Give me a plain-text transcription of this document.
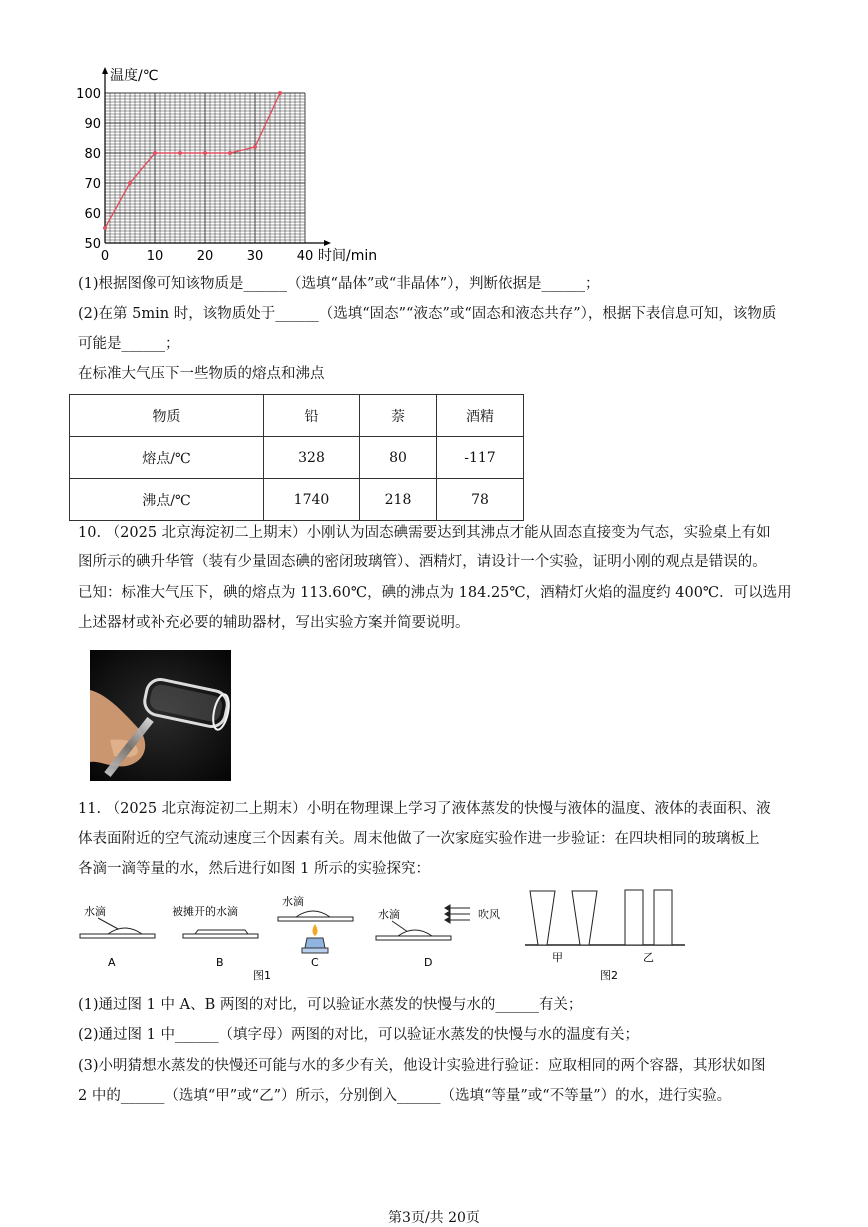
0	10	20	30	40
50
60
70
80
90
100
温度/℃
时间/min
(1)根据图像可知该物质是______（选填“晶体”或“非晶体”），判断依据是______；
(2)在第 5min 时，该物质处于______（选填“固态”“液态”或“固态和液态共存”），根据下表信息可知，该物质
可能是______；
在标准大气压下一些物质的熔点和沸点
物质	铅	萘	酒精
熔点/℃	328	80	-117
沸点/℃	1740	218	78
10. （2025 北京海淀初二上期末）小刚认为固态碘需要达到其沸点才能从固态直接变为气态，实验桌上有如
图所示的碘升华管（装有少量固态碘的密闭玻璃管）、酒精灯，请设计一个实验，证明小刚的观点是错误的。
已知：标准大气压下，碘的熔点为 113.60℃，碘的沸点为 184.25℃，酒精灯火焰的温度约 400℃．可以选用
上述器材或补充必要的辅助器材，写出实验方案并简要说明。
11. （2025 北京海淀初二上期末）小明在物理课上学习了液体蒸发的快慢与液体的温度、液体的表面积、液
体表面附近的空气流动速度三个因素有关。周末他做了一次家庭实验作进一步验证：在四块相同的玻璃板上
各滴一滴等量的水，然后进行如图 1 所示的实验探究：
水滴
A
被摊开的水滴
B
水滴
C
水滴
D
图1
吹风
甲	乙
图2
(1)通过图 1 中 A、B 两图的对比，可以验证水蒸发的快慢与水的______有关；
(2)通过图 1 中______（填字母）两图的对比，可以验证水蒸发的快慢与水的温度有关；
(3)小明猜想水蒸发的快慢还可能与水的多少有关，他设计实验进行验证：应取相同的两个容器，其形状如图
2 中的______（选填“甲”或“乙”）所示，分别倒入______（选填“等量”或“不等量”）的水，进行实验。
第3页/共 20页
